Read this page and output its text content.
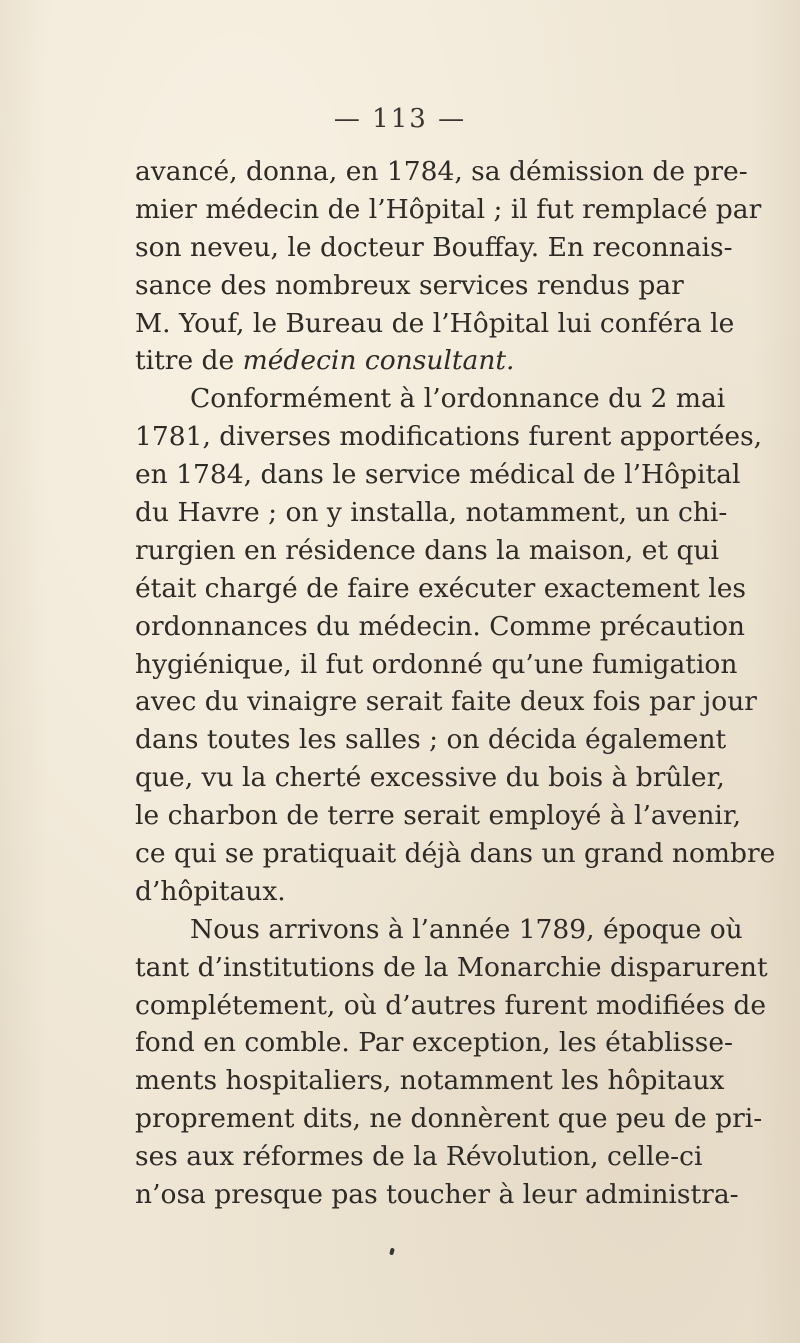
— 113 —
avancé, donna, en 1784, sa démission de pre-
mier médecin de l’Hôpital ; il fut remplacé par
son neveu, le docteur Bouffay. En reconnais-
sance des nombreux services rendus par
M. Youf, le Bureau de l’Hôpital lui conféra le
titre de médecin consultant.
Conformément à l’ordonnance du 2 mai
1781, diverses modifications furent apportées,
en 1784, dans le service médical de l’Hôpital
du Havre ; on y installa, notamment, un chi-
rurgien en résidence dans la maison, et qui
était chargé de faire exécuter exactement les
ordonnances du médecin. Comme précaution
hygiénique, il fut ordonné qu’une fumigation
avec du vinaigre serait faite deux fois par jour
dans toutes les salles ; on décida également
que, vu la cherté excessive du bois à brûler,
le charbon de terre serait employé à l’avenir,
ce qui se pratiquait déjà dans un grand nombre
d’hôpitaux.
Nous arrivons à l’année 1789, époque où
tant d’institutions de la Monarchie disparurent
complétement, où d’autres furent modifiées de
fond en comble. Par exception, les établisse-
ments hospitaliers, notamment les hôpitaux
proprement dits, ne donnèrent que peu de pri-
ses aux réformes de la Révolution, celle-ci
n’osa presque pas toucher à leur administra-
